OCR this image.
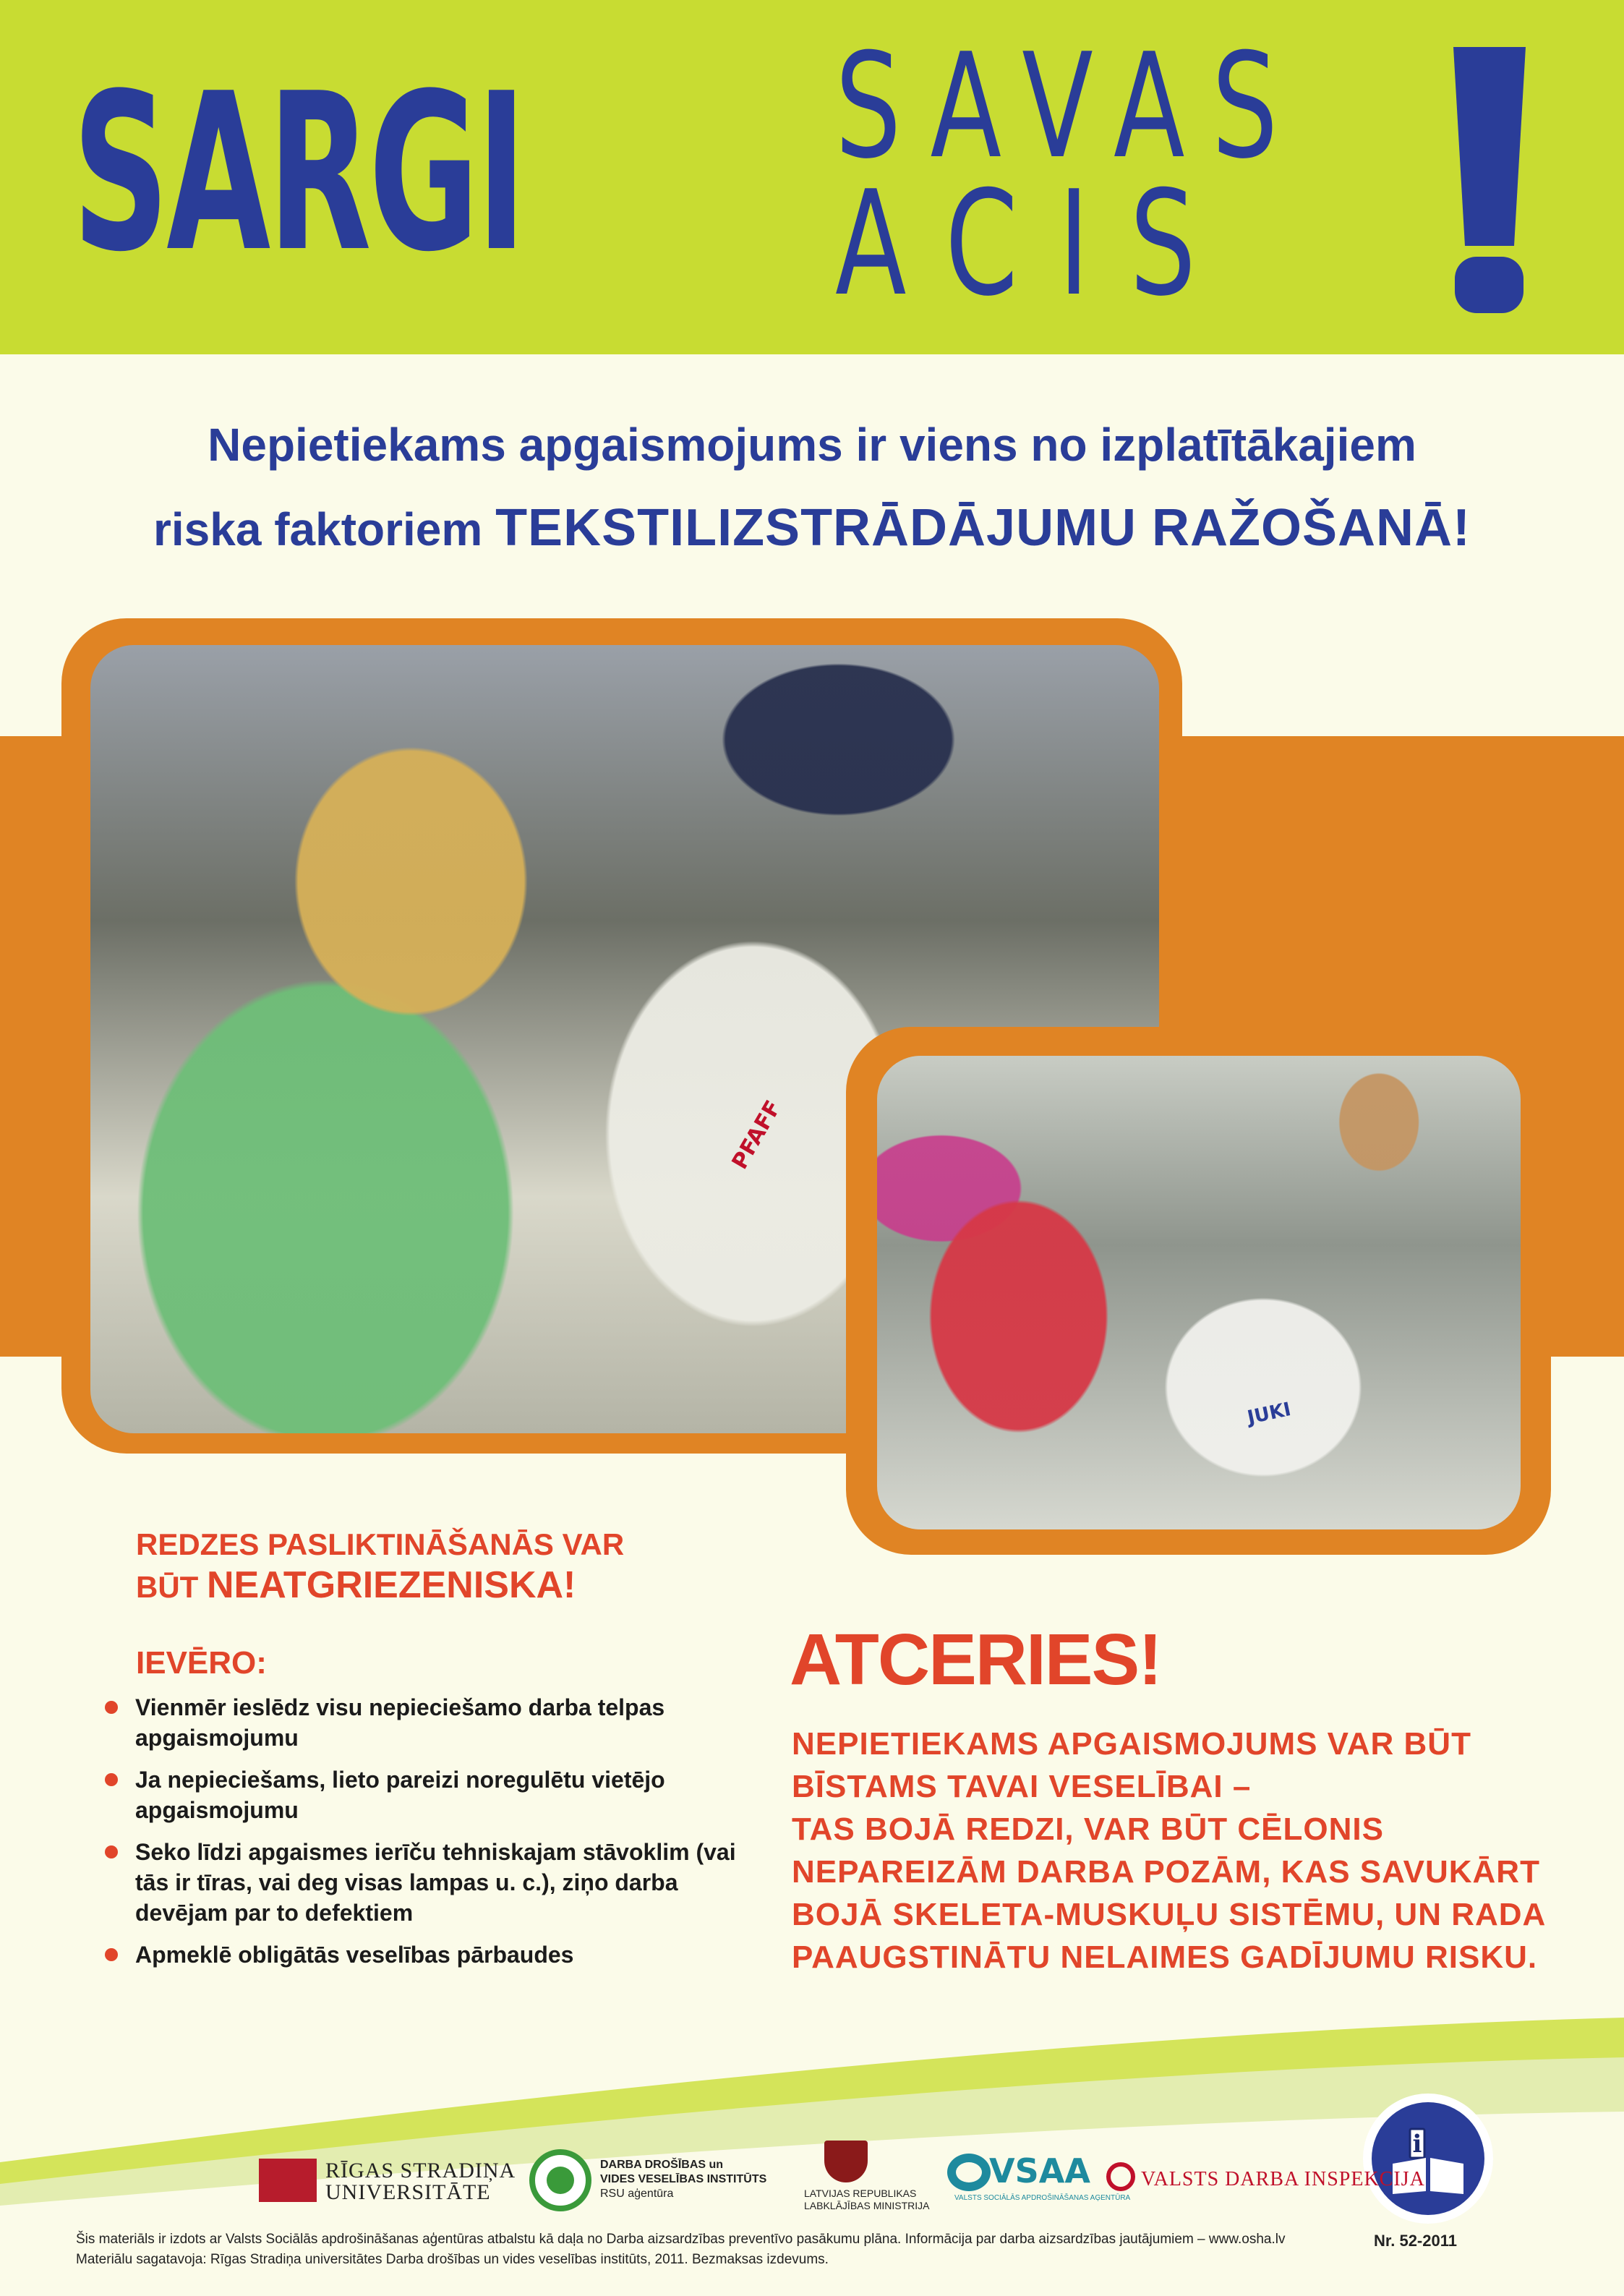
SARGI SAVAS
ACIS
Nepietiekams apgaismojums ir viens no izplatītākajiem
riska faktoriem TEKSTILIZSTRĀDĀJUMU RAŽOŠANĀ!
PFAFF
JUKI
REDZES PASLIKTINĀŠANĀS VAR
BŪT NEATGRIEZENISKA!
IEVĒRO:
Vienmēr ieslēdz visu nepieciešamo darba telpas apgaismojumu
Ja nepieciešams, lieto pareizi noregulētu vietējo apgaismojumu
Seko līdzi apgaismes ierīču tehniskajam stāvoklim (vai tās ir tīras, vai deg visas lampas u. c.), ziņo darba devējam par to defektiem
Apmeklē obligātās veselības pārbaudes
ATCERIES!
NEPIETIEKAMS APGAISMOJUMS VAR BŪT
BĪSTAMS TAVAI VESELĪBAI –
TAS BOJĀ REDZI, VAR BŪT CĒLONIS
NEPAREIZĀM DARBA POZĀM, KAS SAVUKĀRT
BOJĀ SKELETA-MUSKUĻU SISTĒMU, UN RADA
PAAUGSTINĀTU NELAIMES GADĪJUMU RISKU.
i
RĪGAS STRADIŅA
UNIVERSITĀTE
DARBA DROŠĪBAS un
VIDES VESELĪBAS INSTITŪTS
RSU aģentūra	LATVIJAS REPUBLIKAS
LABKLĀJĪBAS MINISTRIJA
VSAA
VALSTS SOCIĀLĀS APDROŠINĀŠANAS AĢENTŪRA
VALSTS DARBA INSPEKCIJA
Šis materiāls ir izdots ar Valsts Sociālās apdrošināšanas aģentūras atbalstu kā daļa no Darba aizsardzības preventīvo pasākumu plāna. Informācija par darba aizsardzības jautājumiem – www.osha.lv
Materiālu sagatavoja: Rīgas Stradiņa universitātes Darba drošības un vides veselības institūts, 2011. Bezmaksas izdevums.
Nr. 52-2011
